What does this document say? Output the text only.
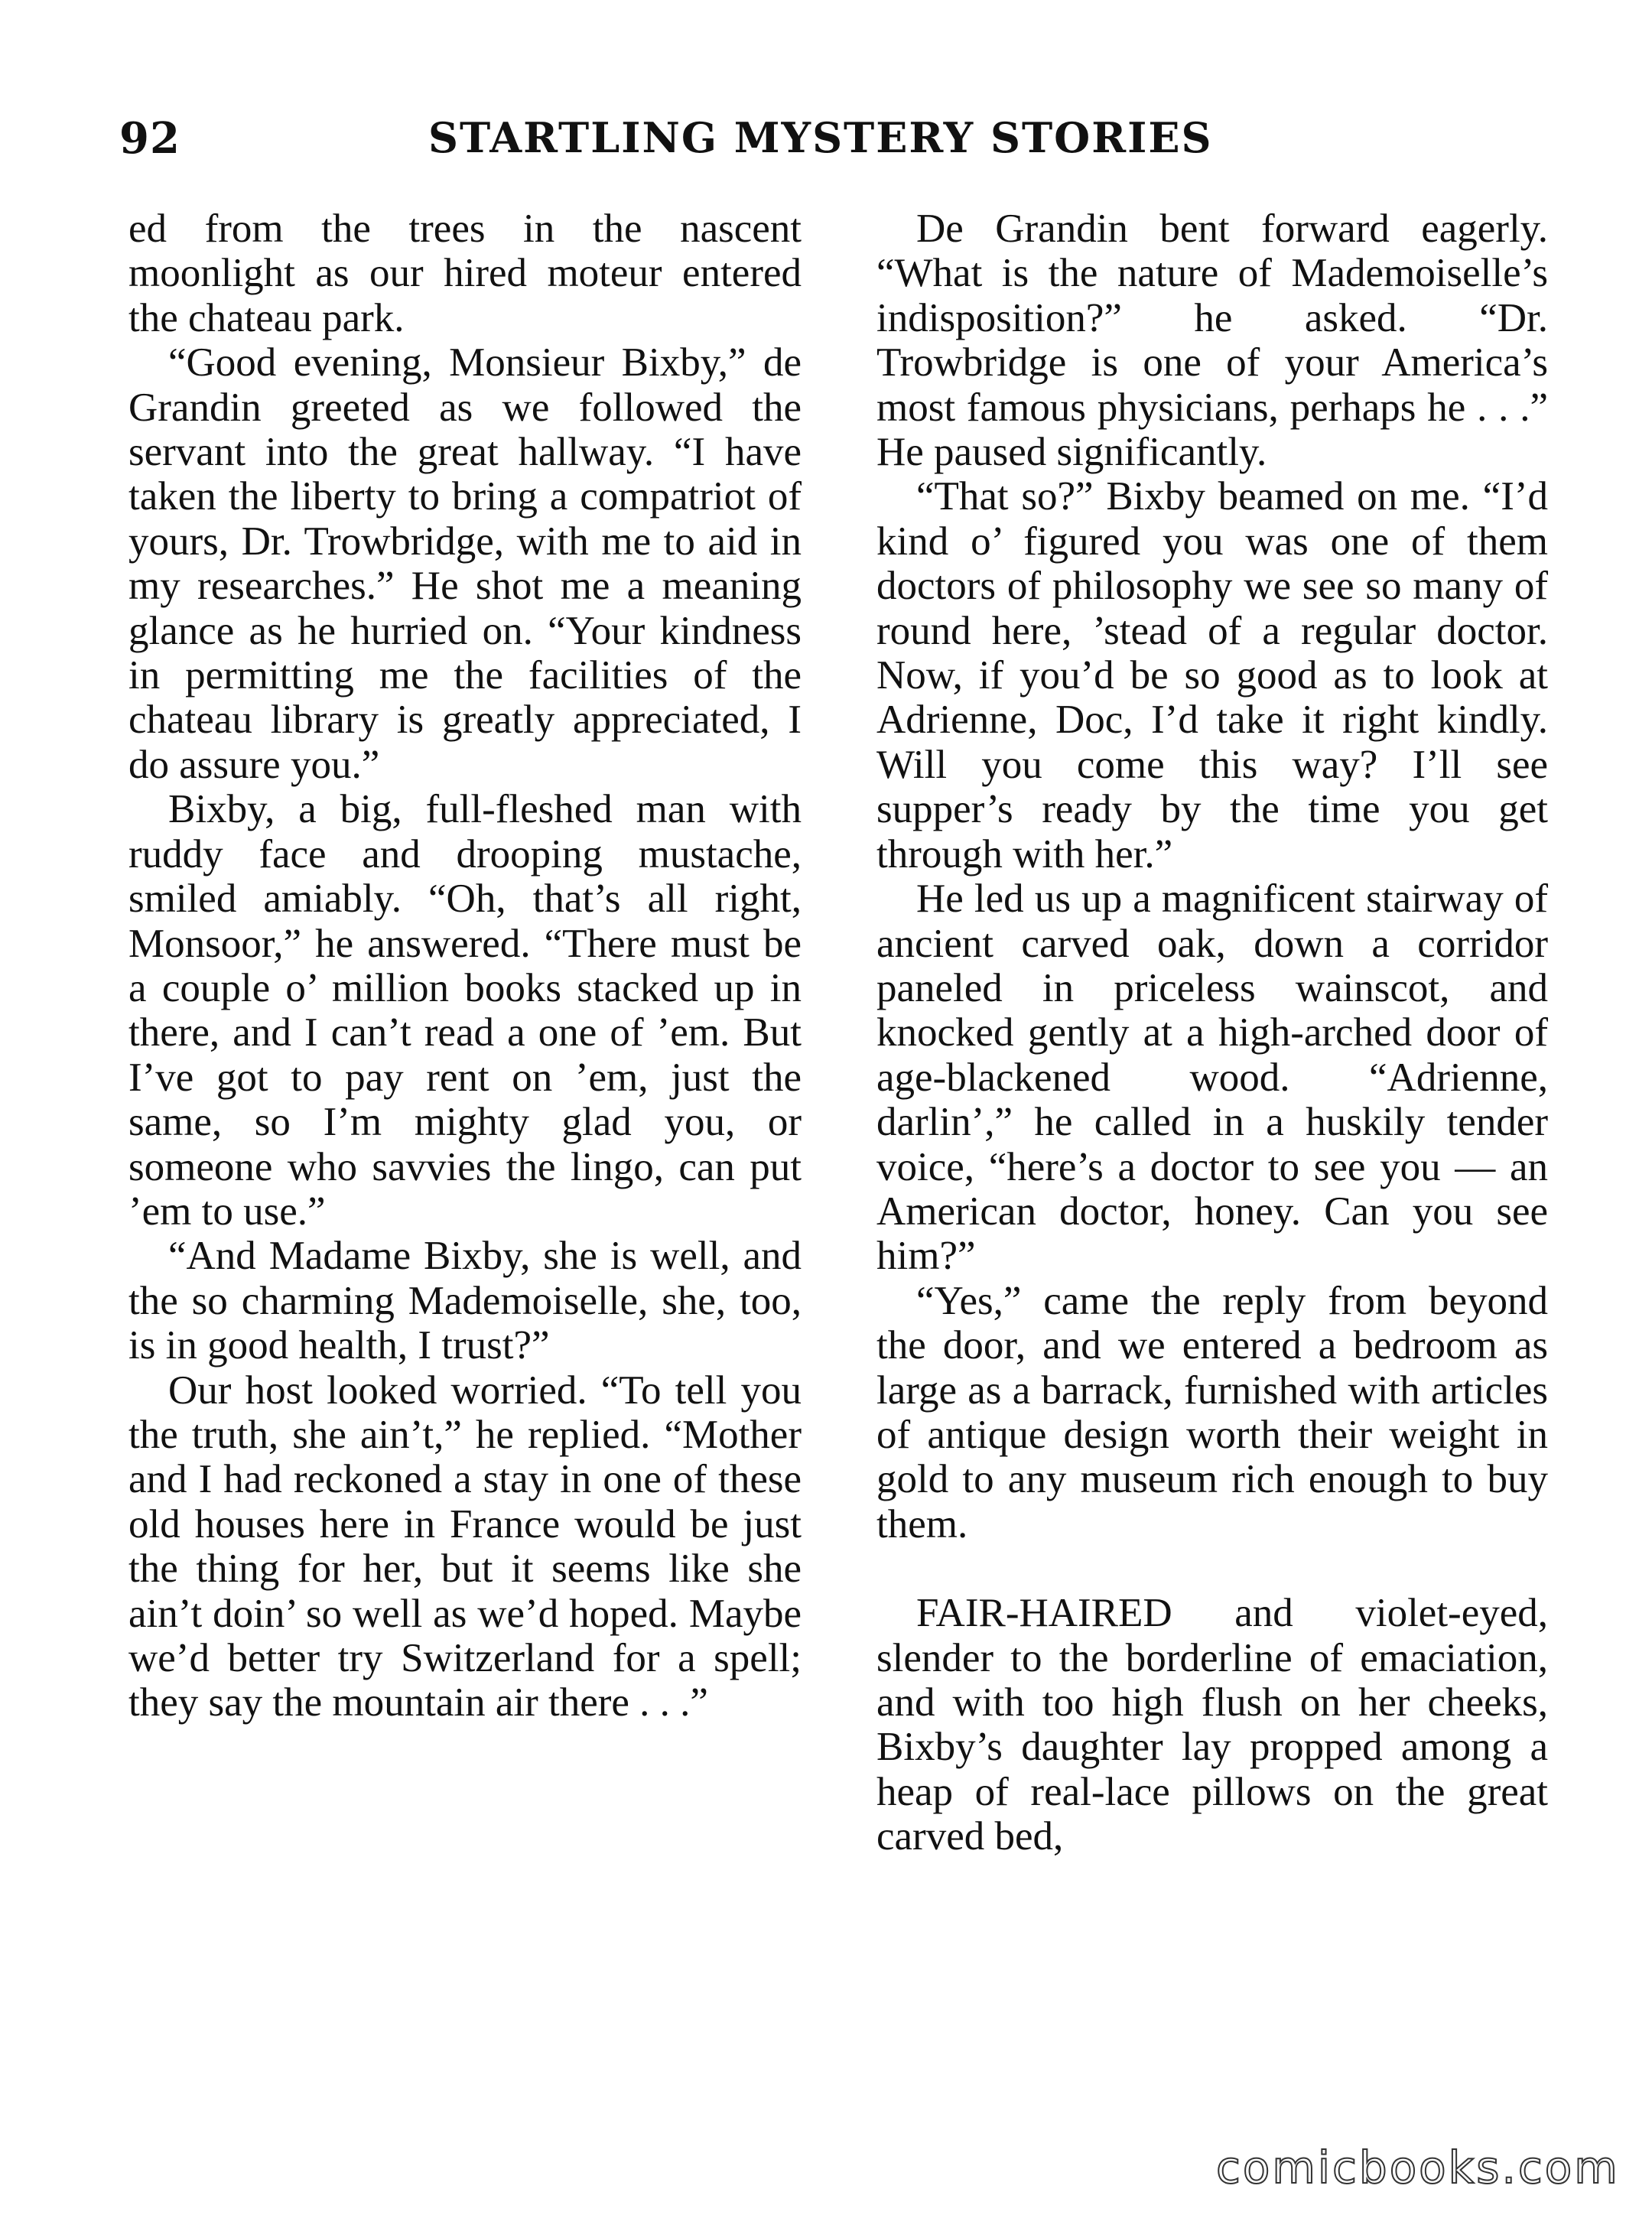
92	STARTLING MYSTERY STORIES

ed from the trees in the nascent moonlight as our hired moteur entered the chateau park.

“Good evening, Monsieur Bixby,” de Grandin greeted as we followed the servant into the great hallway. “I have taken the liberty to bring a compatriot of yours, Dr. Trowbridge, with me to aid in my researches.” He shot me a meaning glance as he hurried on. “Your kindness in permitting me the facilities of the chateau library is greatly appreciated, I do assure you.”

Bixby, a big, full-fleshed man with ruddy face and drooping mustache, smiled amiably. “Oh, that’s all right, Monsoor,” he answered. “There must be a couple o’ million books stacked up in there, and I can’t read a one of ’em. But I’ve got to pay rent on ’em, just the same, so I’m mighty glad you, or someone who savvies the lingo, can put ’em to use.”

“And Madame Bixby, she is well, and the so charming Mademoiselle, she, too, is in good health, I trust?”

Our host looked worried. “To tell you the truth, she ain’t,” he replied. “Mother and I had reckoned a stay in one of these old houses here in France would be just the thing for her, but it seems like she ain’t doin’ so well as we’d hoped. Maybe we’d better try Switzerland for a spell; they say the mountain air there . . .”

De Grandin bent forward eagerly. “What is the nature of Mademoiselle’s indisposition?” he asked. “Dr. Trowbridge is one of your America’s most famous physicians, perhaps he . . .” He paused significantly.

“That so?” Bixby beamed on me. “I’d kind o’ figured you was one of them doctors of philosophy we see so many of round here, ’stead of a regular doctor. Now, if you’d be so good as to look at Adrienne, Doc, I’d take it right kindly. Will you come this way? I’ll see supper’s ready by the time you get through with her.”

He led us up a magnificent stairway of ancient carved oak, down a corridor paneled in priceless wainscot, and knocked gently at a high-arched door of age-blackened wood. “Adrienne, darlin’,” he called in a huskily tender voice, “here’s a doctor to see you — an American doctor, honey. Can you see him?”

“Yes,” came the reply from beyond the door, and we entered a bedroom as large as a barrack, furnished with articles of antique design worth their weight in gold to any museum rich enough to buy them.

FAIR-HAIRED and violet-eyed, slender to the borderline of emaciation, and with too high flush on her cheeks, Bixby’s daughter lay propped among a heap of real-lace pillows on the great carved bed,

comicbooks.com
